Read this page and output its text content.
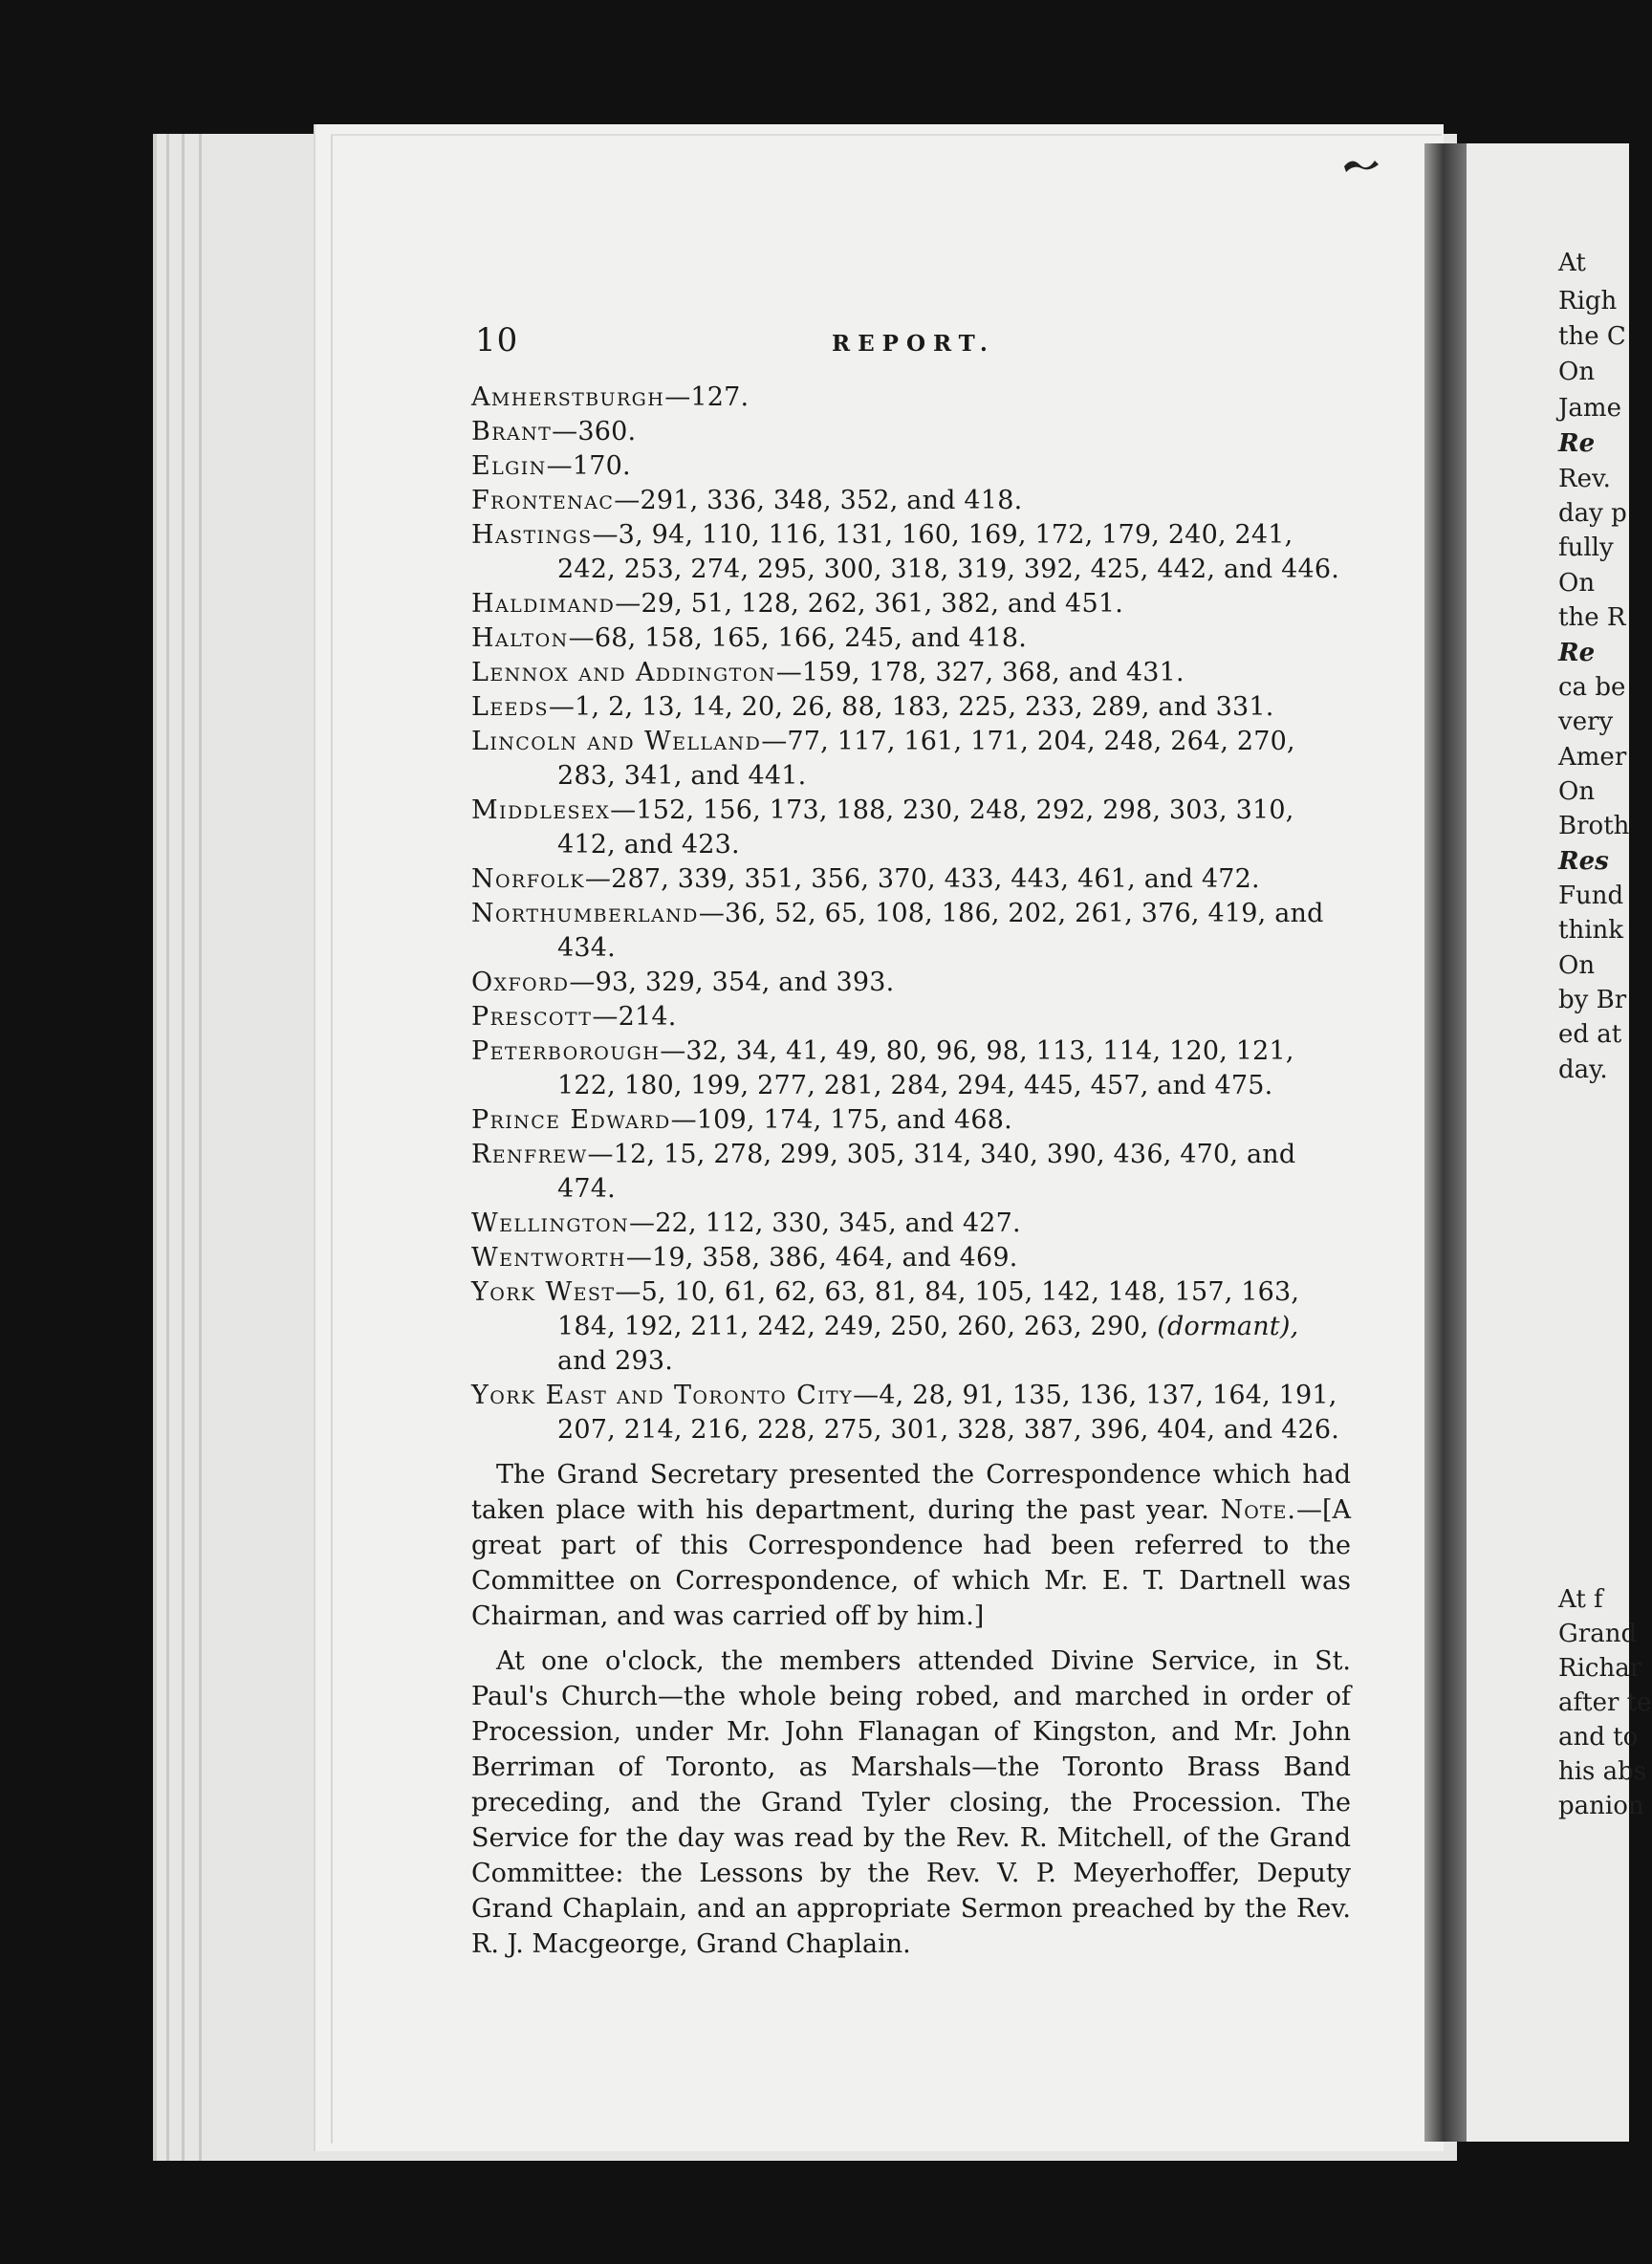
At
Righ
the C
On
Jame
Re
Rev.
day p
fully
On
the R
Re
ca be
very
Amer
On
Broth
Res
Fund
think
On
by Br
ed at
day.
At f
Grand
Richar
after te
and to
his abs
panion
10	REPORT.

Amherstburgh—127.

Brant—360.

Elgin—170.

Frontenac—291, 336, 348, 352, and 418.

Hastings—3, 94, 110, 116, 131, 160, 169, 172, 179, 240, 241, 242, 253, 274, 295, 300, 318, 319, 392, 425, 442, and 446.

Haldimand—29, 51, 128, 262, 361, 382, and 451.

Halton—68, 158, 165, 166, 245, and 418.

Lennox and Addington—159, 178, 327, 368, and 431.

Leeds—1, 2, 13, 14, 20, 26, 88, 183, 225, 233, 289, and 331.

Lincoln and Welland—77, 117, 161, 171, 204, 248, 264, 270, 283, 341, and 441.

Middlesex—152, 156, 173, 188, 230, 248, 292, 298, 303, 310, 412, and 423.

Norfolk—287, 339, 351, 356, 370, 433, 443, 461, and 472.

Northumberland—36, 52, 65, 108, 186, 202, 261, 376, 419, and 434.

Oxford—93, 329, 354, and 393.

Prescott—214.

Peterborough—32, 34, 41, 49, 80, 96, 98, 113, 114, 120, 121, 122, 180, 199, 277, 281, 284, 294, 445, 457, and 475.

Prince Edward—109, 174, 175, and 468.

Renfrew—12, 15, 278, 299, 305, 314, 340, 390, 436, 470, and 474.

Wellington—22, 112, 330, 345, and 427.

Wentworth—19, 358, 386, 464, and 469.

York West—5, 10, 61, 62, 63, 81, 84, 105, 142, 148, 157, 163, 184, 192, 211, 242, 249, 250, 260, 263, 290, (dormant), and 293.

York East and Toronto City—4, 28, 91, 135, 136, 137, 164, 191, 207, 214, 216, 228, 275, 301, 328, 387, 396, 404, and 426.

The Grand Secretary presented the Correspondence which had taken place with his department, during the past year. Note.—[A great part of this Correspondence had been referred to the Committee on Correspondence, of which Mr. E. T. Dartnell was Chairman, and was carried off by him.]

At one o'clock, the members attended Divine Service, in St. Paul's Church—the whole being robed, and marched in order of Procession, under Mr. John Flanagan of Kingston, and Mr. John Berriman of Toronto, as Marshals—the Toronto Brass Band preceding, and the Grand Tyler closing, the Procession. The Service for the day was read by the Rev. R. Mitchell, of the Grand Committee: the Lessons by the Rev. V. P. Meyerhoffer, Deputy Grand Chaplain, and an appropriate Sermon preached by the Rev. R. J. Macgeorge, Grand Chaplain.
